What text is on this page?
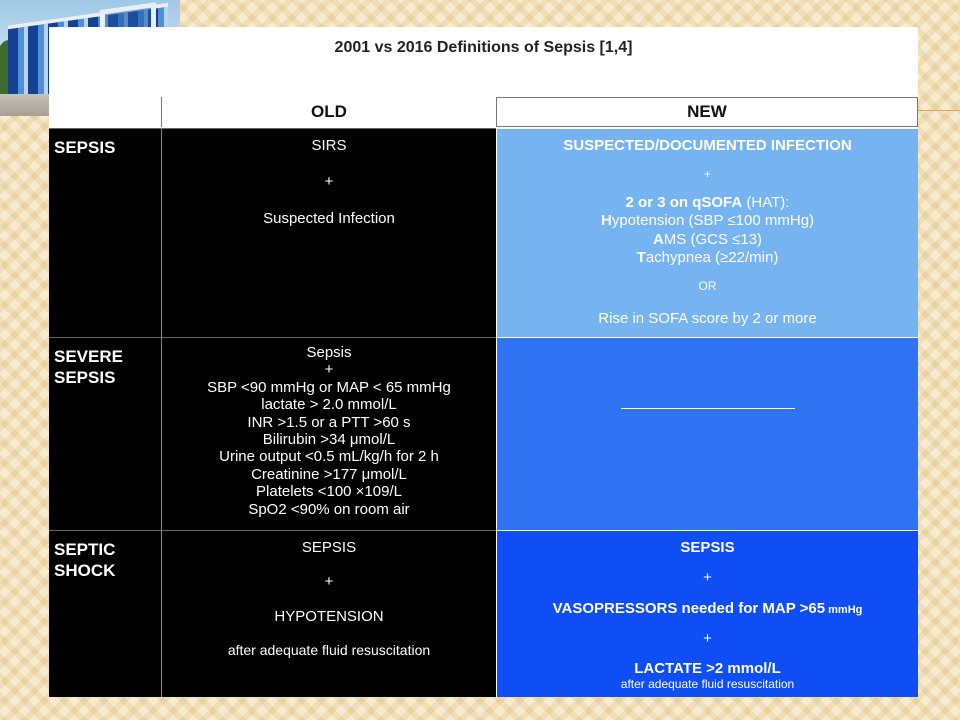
2001 vs 2016 Definitions of Sepsis [1,4]
OLD	NEW
SEPSIS	SIRS

+

Suspected Infection

SUSPECTED/DOCUMENTED INFECTION

+

2 or 3 on qSOFA (HAT):

Hypotension (SBP ≤100 mmHg)

AMS (GCS ≤13)

Tachypnea (≥22/min)

OR

Rise in SOFA score by 2 or more

SEVERE

SEPSIS

Sepsis

+

SBP <90 mmHg or MAP < 65 mmHg

lactate > 2.0 mmol/L

INR >1.5 or a PTT >60 s

Bilirubin >34 μmol/L

Urine output <0.5 mL/kg/h for 2 h

Creatinine >177 μmol/L

Platelets <100 ×109/L

SpO2 <90% on room air

SEPTIC

SHOCK

SEPSIS

+

HYPOTENSION

after adequate fluid resuscitation

SEPSIS

+

VASOPRESSORS needed for MAP >65 mmHg

+

LACTATE >2 mmol/L

after adequate fluid resuscitation
